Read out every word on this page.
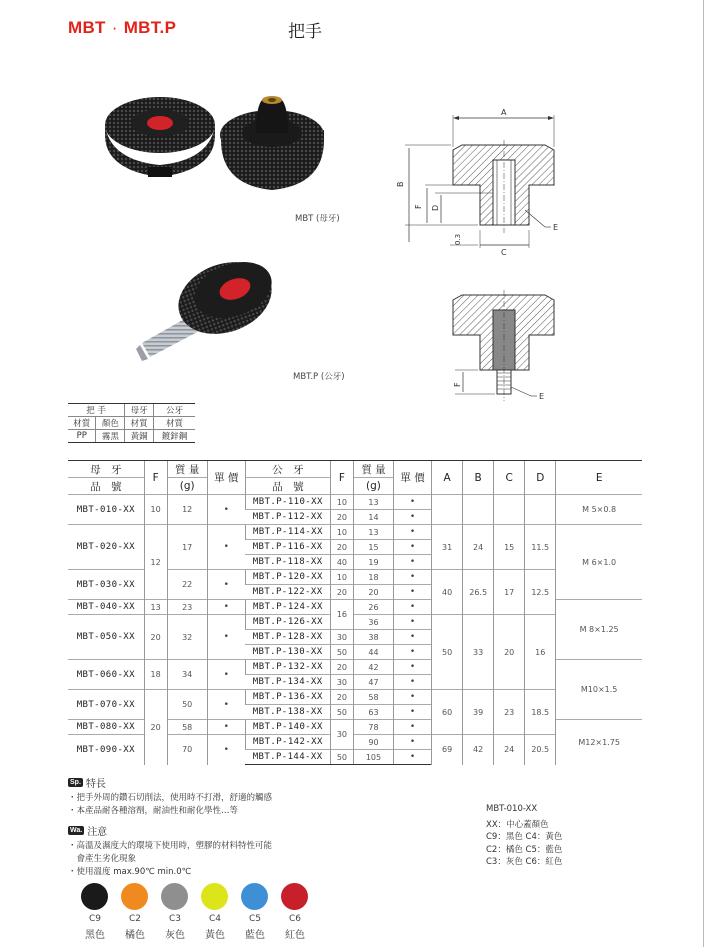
MBT · MBT.P	把手
MBT (母牙)
MBT.P (公牙)
A
B
F D
0.3
C
E
F
E
把 手		母牙	公牙
材質	顏色	材質	材質
PP	霧黑	黃銅	鍍鋅鋼
母　牙	F	質 量	單 價	公　牙	F	質 量	單 價	A	B	C	D	E
品　號		(g)		品　號		(g)						
MBT-010-XX	10	12	•	MBT.P-110-XX	10	13	•					M 5×0.8
				MBT.P-112-XX	20	14	•					
MBT-020-XX	12	17	•	MBT.P-114-XX	10	13	•	31	24	15	11.5	M 6×1.0
				MBT.P-116-XX	20	15	•					
				MBT.P-118-XX	40	19	•					
MBT-030-XX		22	•	MBT.P-120-XX	10	18	•	40	26.5	17	12.5	
				MBT.P-122-XX	20	20	•					
MBT-040-XX	13	23	•	MBT.P-124-XX	16	26	•					M 8×1.25
MBT-050-XX	20	32	•	MBT.P-126-XX		36	•	50	33	20	16	
				MBT.P-128-XX	30	38	•					
				MBT.P-130-XX	50	44	•					
MBT-060-XX	18	34	•	MBT.P-132-XX	20	42	•					M10×1.5
				MBT.P-134-XX	30	47	•					
MBT-070-XX	20	50	•	MBT.P-136-XX	20	58	•	60	39	23	18.5	
				MBT.P-138-XX	50	63	•					
MBT-080-XX		58	•	MBT.P-140-XX	30	78	•					M12×1.75
MBT-090-XX		70	•	MBT.P-142-XX		90	•	69	42	24	20.5	
				MBT.P-144-XX	50	105	•					
Sp. 特長
・把手外周的鑽石切削法，使用時不打滑，舒適的觸感
・本產品耐各種溶劑，耐油性和耐化學性…等
Wa. 注意
・高溫及濕度大的環境下使用時，塑膠的材料特性可能
　會產生劣化現象
・使用溫度 max.90℃ min.0℃
MBT-010-XX
XX：中心蓋顏色
C9：黑色 C4：黃色
C2：橘色 C5：藍色
C3：灰色 C6：紅色
C9	C2	C3	C4	C5	C6
黑色	橘色	灰色	黃色	藍色	紅色
